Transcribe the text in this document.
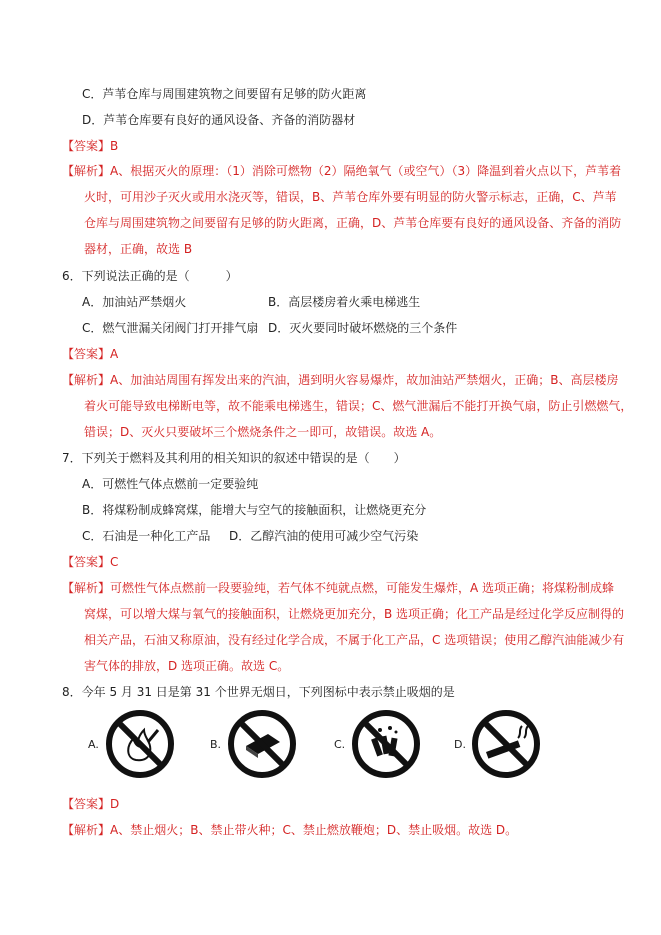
C．芦苇仓库与周围建筑物之间要留有足够的防火距离
D．芦苇仓库要有良好的通风设备、齐备的消防器材
【答案】B
【解析】A、根据灭火的原理：（1）消除可燃物（2）隔绝氧气（或空气）（3）降温到着火点以下，芦苇着
火时，可用沙子灭火或用水浇灭等，错误，B、芦苇仓库外要有明显的防火警示标志，正确，C、芦苇
仓库与周围建筑物之间要留有足够的防火距离，正确，D、芦苇仓库要有良好的通风设备、齐备的消防
器材，正确，故选 B
6．下列说法正确的是（　　　）
A．加油站严禁烟火	B．高层楼房着火乘电梯逃生
C．燃气泄漏关闭阀门打开排气扇 D．灭火要同时破坏燃烧的三个条件
【答案】A
【解析】A、加油站周围有挥发出来的汽油，遇到明火容易爆炸，故加油站严禁烟火，正确；B、高层楼房
着火可能导致电梯断电等，故不能乘电梯逃生，错误；C、燃气泄漏后不能打开换气扇，防止引燃燃气，
错误；D、灭火只要破坏三个燃烧条件之一即可，故错误。故选 A。
7．下列关于燃料及其利用的相关知识的叙述中错误的是（　　）
A．可燃性气体点燃前一定要验纯
B．将煤粉制成蜂窝煤，能增大与空气的接触面积，让燃烧更充分
C．石油是一种化工产品 D．乙醇汽油的使用可减少空气污染
【答案】C
【解析】可燃性气体点燃前一段要验纯，若气体不纯就点燃，可能发生爆炸，A 选项正确；将煤粉制成蜂
窝煤，可以增大煤与氧气的接触面积，让燃烧更加充分，B 选项正确；化工产品是经过化学反应制得的
相关产品，石油又称原油，没有经过化学合成，不属于化工产品，C 选项错误；使用乙醇汽油能减少有
害气体的排放，D 选项正确。故选 C。
8．今年 5 月 31 日是第 31 个世界无烟日，下列图标中表示禁止吸烟的是
A.	B.	C.	D.
【答案】D
【解析】A、禁止烟火；B、禁止带火种；C、禁止燃放鞭炮；D、禁止吸烟。故选 D。
